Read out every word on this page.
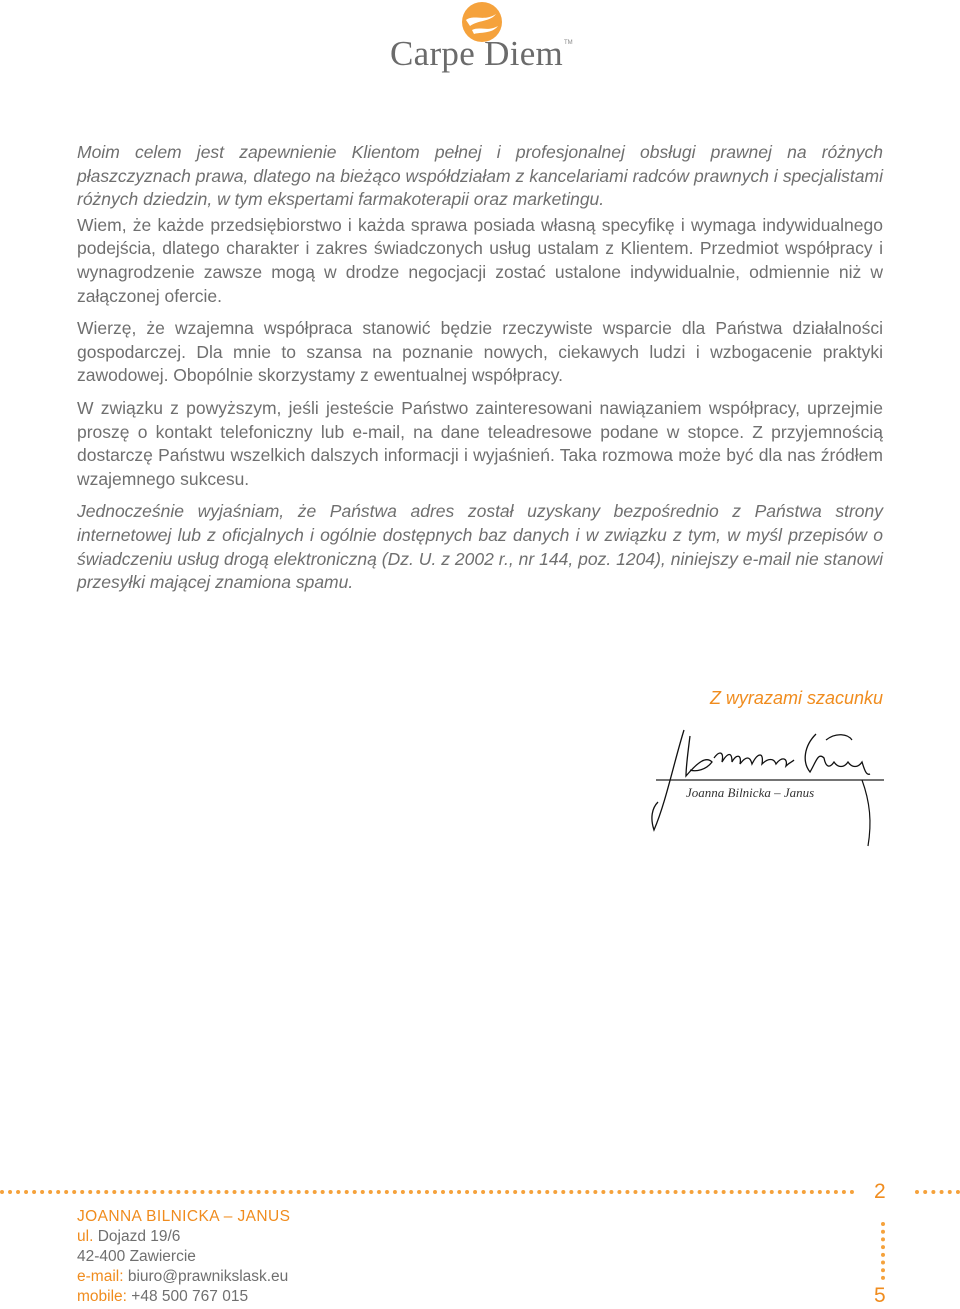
Carpe Diem TM

Moim celem jest zapewnienie Klientom pełnej i profesjonalnej obsługi prawnej na różnych płaszczyznach prawa, dlatego na bieżąco współdziałam z kancelariami radców prawnych i specjalistami różnych dziedzin, w tym ekspertami farmakoterapii oraz marketingu.

Wiem, że każde przedsiębiorstwo i każda sprawa posiada własną specyfikę i wymaga indywidualnego podejścia, dlatego charakter i zakres świadczonych usług ustalam z Klientem. Przedmiot współpracy i wynagrodzenie zawsze mogą w drodze negocjacji zostać ustalone indywidualnie, odmiennie niż w załączonej ofercie.

Wierzę, że wzajemna współpraca stanowić będzie rzeczywiste wsparcie dla Państwa działalności gospodarczej. Dla mnie to szansa na poznanie nowych, ciekawych ludzi i wzbogacenie praktyki zawodowej. Obopólnie skorzystamy z ewentualnej współpracy.

W związku z powyższym, jeśli jesteście Państwo zainteresowani nawiązaniem współpracy, uprzejmie proszę o kontakt telefoniczny lub e-mail, na dane teleadresowe podane w stopce. Z przyjemnością dostarczę Państwu wszelkich dalszych informacji i wyjaśnień. Taka rozmowa może być dla nas źródłem wzajemnego sukcesu.

Jednocześnie wyjaśniam, że Państwa adres został uzyskany bezpośrednio z Państwa strony internetowej lub z oficjalnych i ogólnie dostępnych baz danych i w związku z tym, w myśl przepisów o świadczeniu usług drogą elektroniczną (Dz. U. z 2002 r., nr 144, poz. 1204), niniejszy e-mail nie stanowi przesyłki mającej znamiona spamu.

Z wyrazami szacunku
Joanna Bilnicka – Janus
2
5
JOANNA BILNICKA – JANUS
ul. Dojazd 19/6
42-400 Zawiercie
e-mail: biuro@prawnikslask.eu
mobile: +48 500 767 015
